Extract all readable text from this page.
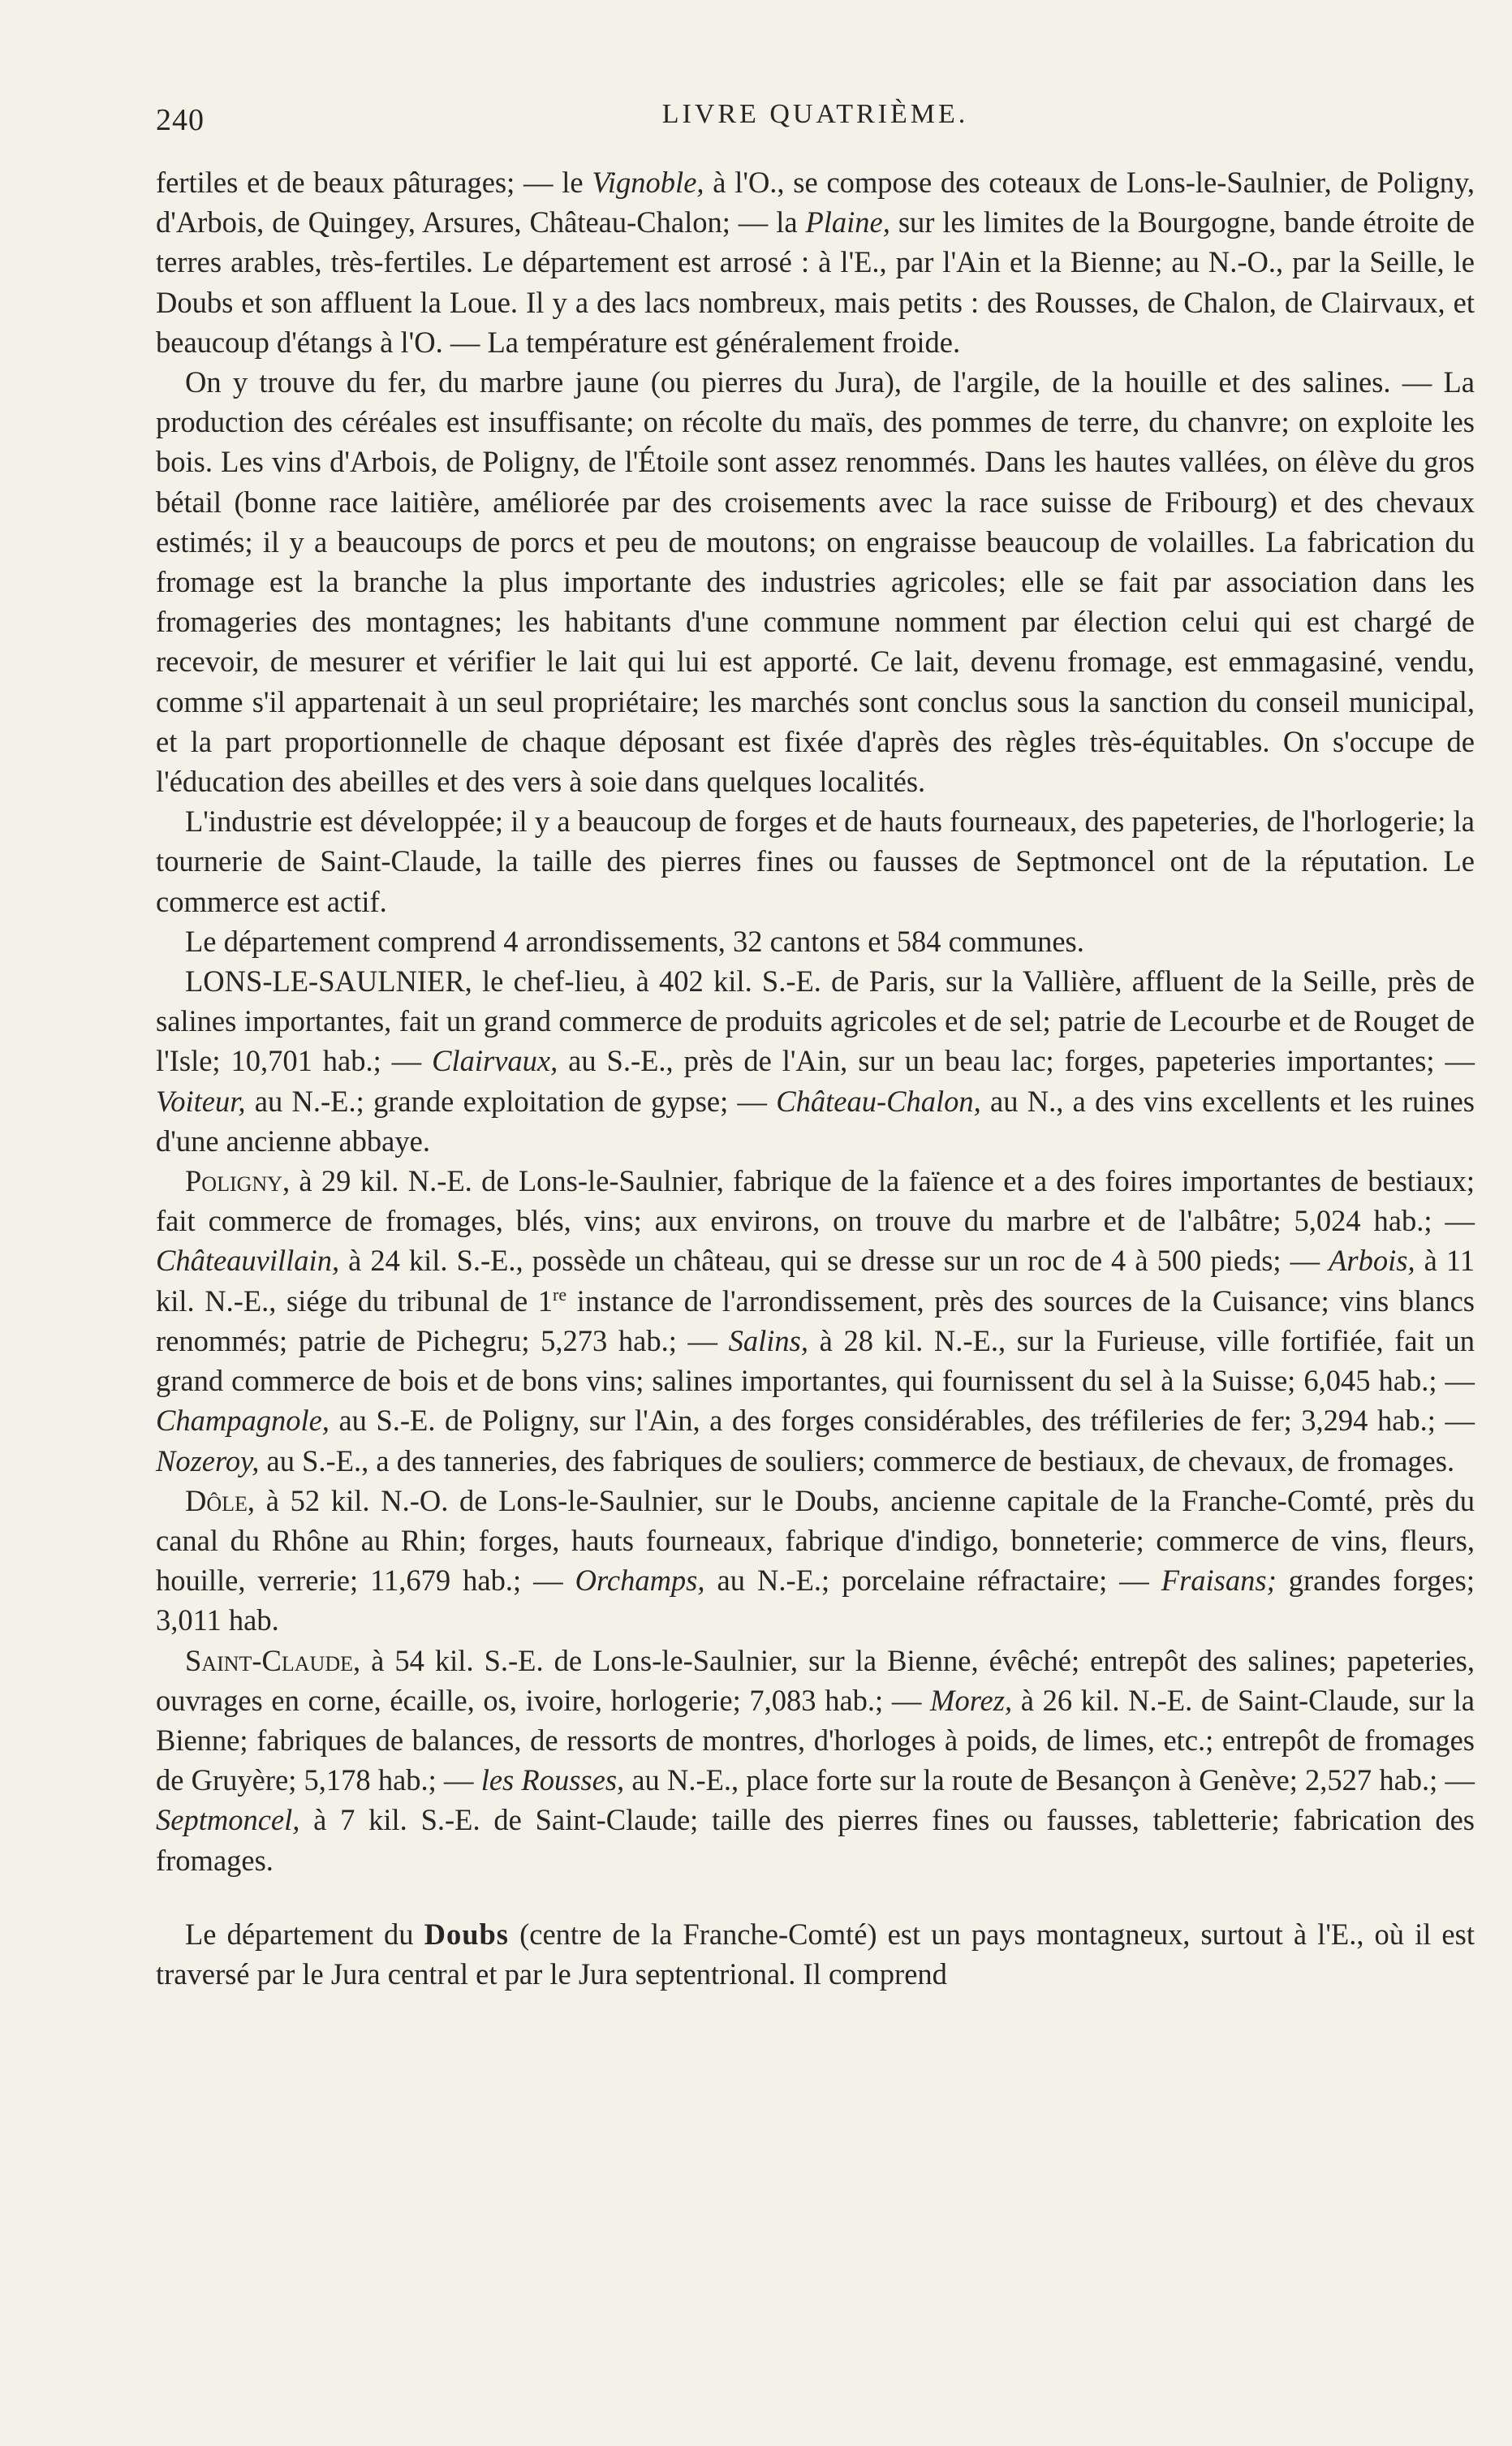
240	LIVRE QUATRIÈME.

fertiles et de beaux pâturages; — le Vignoble, à l'O., se compose des coteaux de Lons-le-Saulnier, de Poligny, d'Arbois, de Quingey, Arsures, Château-Chalon; — la Plaine, sur les limites de la Bourgogne, bande étroite de terres arables, très-fertiles. Le département est arrosé : à l'E., par l'Ain et la Bienne; au N.-O., par la Seille, le Doubs et son affluent la Loue. Il y a des lacs nombreux, mais petits : des Rousses, de Chalon, de Clairvaux, et beaucoup d'étangs à l'O. — La température est généralement froide.

On y trouve du fer, du marbre jaune (ou pierres du Jura), de l'argile, de la houille et des salines. — La production des céréales est insuffisante; on récolte du maïs, des pommes de terre, du chanvre; on exploite les bois. Les vins d'Arbois, de Poligny, de l'Étoile sont assez renommés. Dans les hautes vallées, on élève du gros bétail (bonne race laitière, améliorée par des croisements avec la race suisse de Fribourg) et des chevaux estimés; il y a beaucoups de porcs et peu de moutons; on engraisse beaucoup de volailles. La fabrication du fromage est la branche la plus importante des industries agricoles; elle se fait par association dans les fromageries des montagnes; les habitants d'une commune nomment par élection celui qui est chargé de recevoir, de mesurer et vérifier le lait qui lui est apporté. Ce lait, devenu fromage, est emmagasiné, vendu, comme s'il appartenait à un seul propriétaire; les marchés sont conclus sous la sanction du conseil municipal, et la part proportionnelle de chaque déposant est fixée d'après des règles très-équitables. On s'occupe de l'éducation des abeilles et des vers à soie dans quelques localités.

L'industrie est développée; il y a beaucoup de forges et de hauts fourneaux, des papeteries, de l'horlogerie; la tournerie de Saint-Claude, la taille des pierres fines ou fausses de Septmoncel ont de la réputation. Le commerce est actif.

Le département comprend 4 arrondissements, 32 cantons et 584 communes.

LONS-LE-SAULNIER, le chef-lieu, à 402 kil. S.-E. de Paris, sur la Vallière, affluent de la Seille, près de salines importantes, fait un grand commerce de produits agricoles et de sel; patrie de Lecourbe et de Rouget de l'Isle; 10,701 hab.; — Clairvaux, au S.-E., près de l'Ain, sur un beau lac; forges, papeteries importantes; — Voiteur, au N.-E.; grande exploitation de gypse; — Château-Chalon, au N., a des vins excellents et les ruines d'une ancienne abbaye.

Poligny, à 29 kil. N.-E. de Lons-le-Saulnier, fabrique de la faïence et a des foires importantes de bestiaux; fait commerce de fromages, blés, vins; aux environs, on trouve du marbre et de l'albâtre; 5,024 hab.; — Châteauvillain, à 24 kil. S.-E., possède un château, qui se dresse sur un roc de 4 à 500 pieds; — Arbois, à 11 kil. N.-E., siége du tribunal de 1re instance de l'arrondissement, près des sources de la Cuisance; vins blancs renommés; patrie de Pichegru; 5,273 hab.; — Salins, à 28 kil. N.-E., sur la Furieuse, ville fortifiée, fait un grand commerce de bois et de bons vins; salines importantes, qui fournissent du sel à la Suisse; 6,045 hab.; — Champagnole, au S.-E. de Poligny, sur l'Ain, a des forges considérables, des tréfileries de fer; 3,294 hab.; — Nozeroy, au S.-E., a des tanneries, des fabriques de souliers; commerce de bestiaux, de chevaux, de fromages.

Dôle, à 52 kil. N.-O. de Lons-le-Saulnier, sur le Doubs, ancienne capitale de la Franche-Comté, près du canal du Rhône au Rhin; forges, hauts fourneaux, fabrique d'indigo, bonneterie; commerce de vins, fleurs, houille, verrerie; 11,679 hab.; — Orchamps, au N.-E.; porcelaine réfractaire; — Fraisans; grandes forges; 3,011 hab.

Saint-Claude, à 54 kil. S.-E. de Lons-le-Saulnier, sur la Bienne, évêché; entrepôt des salines; papeteries, ouvrages en corne, écaille, os, ivoire, horlogerie; 7,083 hab.; — Morez, à 26 kil. N.-E. de Saint-Claude, sur la Bienne; fabriques de balances, de ressorts de montres, d'horloges à poids, de limes, etc.; entrepôt de fromages de Gruyère; 5,178 hab.; — les Rousses, au N.-E., place forte sur la route de Besançon à Genève; 2,527 hab.; — Septmoncel, à 7 kil. S.-E. de Saint-Claude; taille des pierres fines ou fausses, tabletterie; fabrication des fromages.

Le département du Doubs (centre de la Franche-Comté) est un pays montagneux, surtout à l'E., où il est traversé par le Jura central et par le Jura septentrional. Il comprend
